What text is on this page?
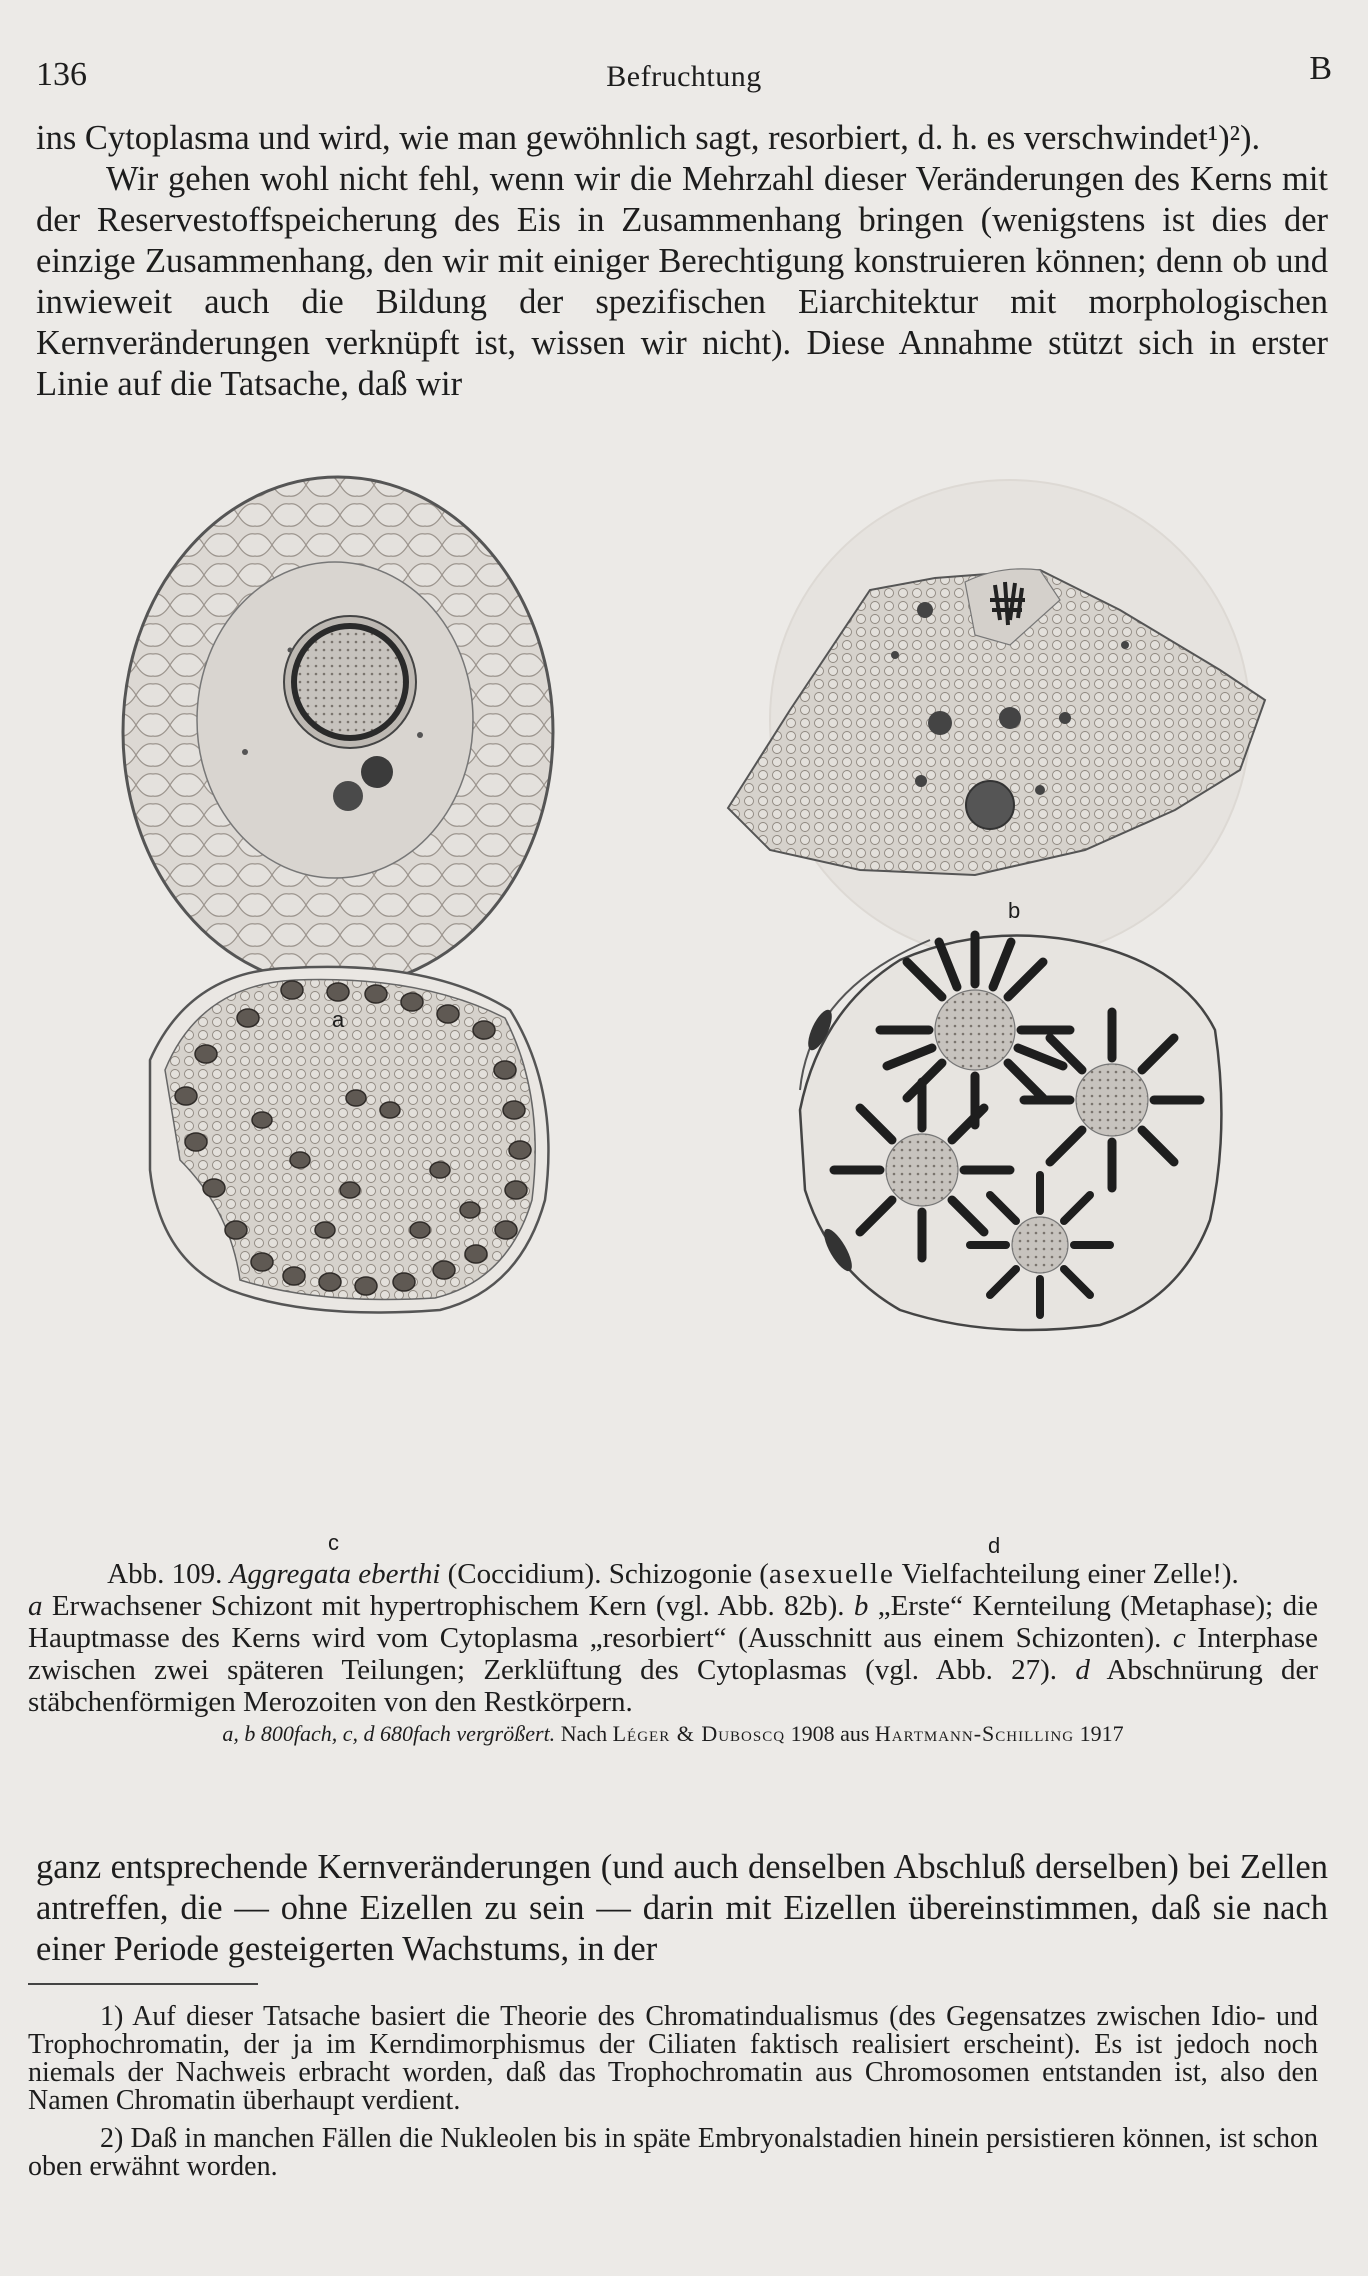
136	Befruchtung	B

ins Cytoplasma und wird, wie man gewöhnlich sagt, resorbiert, d. h. es verschwindet¹)²).

Wir gehen wohl nicht fehl, wenn wir die Mehrzahl dieser Veränderungen des Kerns mit der Reservestoffspeicherung des Eis in Zusammenhang bringen (wenigstens ist dies der einzige Zusammenhang, den wir mit einiger Berechtigung konstruieren können; denn ob und inwieweit auch die Bildung der spezifischen Eiarchitektur mit morphologischen Kernveränderungen verknüpft ist, wissen wir nicht). Diese Annahme stützt sich in erster Linie auf die Tatsache, daß wir

a
b
c	d

Abb. 109. Aggregata eberthi (Coccidium). Schizogonie (asexuelle Vielfachteilung einer Zelle!).

a Erwachsener Schizont mit hypertrophischem Kern (vgl. Abb. 82b). b „Erste“ Kernteilung (Metaphase); die Hauptmasse des Kerns wird vom Cytoplasma „resorbiert“ (Ausschnitt aus einem Schizonten). c Interphase zwischen zwei späteren Teilungen; Zerklüftung des Cytoplasmas (vgl. Abb. 27). d Abschnürung der stäbchenförmigen Merozoiten von den Restkörpern.

a, b 800fach, c, d 680fach vergrößert. Nach Léger & Duboscq 1908 aus Hartmann-Schilling 1917

ganz entsprechende Kernveränderungen (und auch denselben Abschluß derselben) bei Zellen antreffen, die — ohne Eizellen zu sein — darin mit Eizellen übereinstimmen, daß sie nach einer Periode gesteigerten Wachstums, in der

1) Auf dieser Tatsache basiert die Theorie des Chromatindualismus (des Gegensatzes zwischen Idio- und Trophochromatin, der ja im Kerndimorphismus der Ciliaten faktisch realisiert erscheint). Es ist jedoch noch niemals der Nachweis erbracht worden, daß das Trophochromatin aus Chromosomen entstanden ist, also den Namen Chromatin überhaupt verdient.

2) Daß in manchen Fällen die Nukleolen bis in späte Embryonalstadien hinein persistieren können, ist schon oben erwähnt worden.
